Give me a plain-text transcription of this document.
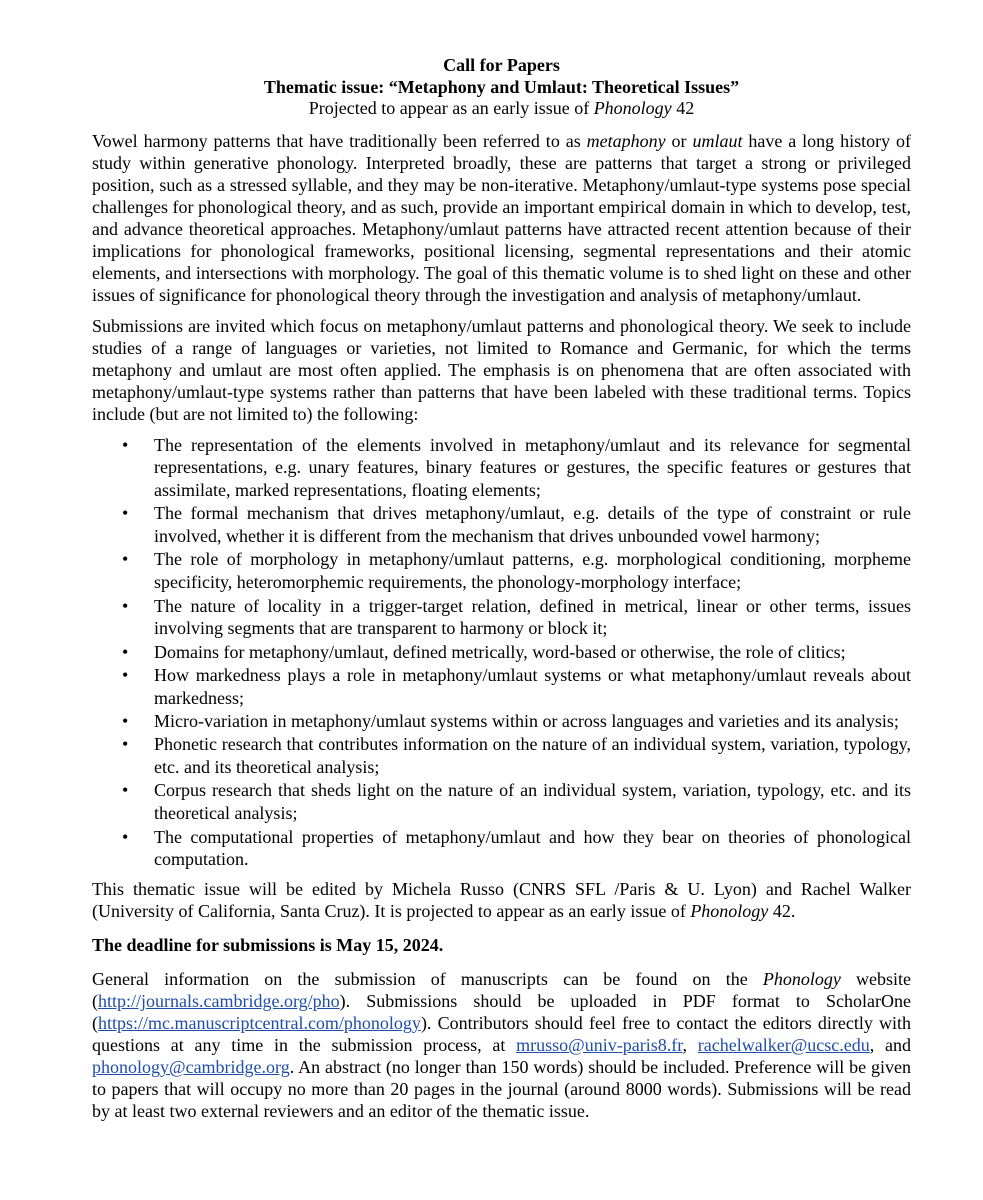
Call for Papers
Thematic issue: “Metaphony and Umlaut: Theoretical Issues”
Projected to appear as an early issue of Phonology 42

Vowel harmony patterns that have traditionally been referred to as metaphony or umlaut have a long history of study within generative phonology. Interpreted broadly, these are patterns that target a strong or privileged position, such as a stressed syllable, and they may be non-iterative. Metaphony/umlaut-type systems pose special challenges for phonological theory, and as such, provide an important empirical domain in which to develop, test, and advance theoretical approaches. Metaphony/umlaut patterns have attracted recent attention because of their implications for phonological frameworks, positional licensing, segmental representations and their atomic elements, and intersections with morphology. The goal of this thematic volume is to shed light on these and other issues of significance for phonological theory through the investigation and analysis of metaphony/umlaut.

Submissions are invited which focus on metaphony/umlaut patterns and phonological theory. We seek to include studies of a range of languages or varieties, not limited to Romance and Germanic, for which the terms metaphony and umlaut are most often applied. The emphasis is on phenomena that are often associated with metaphony/umlaut-type systems rather than patterns that have been labeled with these traditional terms. Topics include (but are not limited to) the following:

• The representation of the elements involved in metaphony/umlaut and its relevance for segmental representations, e.g. unary features, binary features or gestures, the specific features or gestures that assimilate, marked representations, floating elements;
• The formal mechanism that drives metaphony/umlaut, e.g. details of the type of constraint or rule involved, whether it is different from the mechanism that drives unbounded vowel harmony;
• The role of morphology in metaphony/umlaut patterns, e.g. morphological conditioning, morpheme specificity, heteromorphemic requirements, the phonology-morphology interface;
• The nature of locality in a trigger-target relation, defined in metrical, linear or other terms, issues involving segments that are transparent to harmony or block it;
• Domains for metaphony/umlaut, defined metrically, word-based or otherwise, the role of clitics;
• How markedness plays a role in metaphony/umlaut systems or what metaphony/umlaut reveals about markedness;
• Micro-variation in metaphony/umlaut systems within or across languages and varieties and its analysis;
• Phonetic research that contributes information on the nature of an individual system, variation, typology, etc. and its theoretical analysis;
• Corpus research that sheds light on the nature of an individual system, variation, typology, etc. and its theoretical analysis;
• The computational properties of metaphony/umlaut and how they bear on theories of phonological computation.

This thematic issue will be edited by Michela Russo (CNRS SFL /Paris & U. Lyon) and Rachel Walker (University of California, Santa Cruz). It is projected to appear as an early issue of Phonology 42.

The deadline for submissions is May 15, 2024.

General information on the submission of manuscripts can be found on the Phonology website (http://journals.cambridge.org/pho). Submissions should be uploaded in PDF format to ScholarOne (https://mc.manuscriptcentral.com/phonology). Contributors should feel free to contact the editors directly with questions at any time in the submission process, at mrusso@univ-paris8.fr, rachelwalker@ucsc.edu, and phonology@cambridge.org. An abstract (no longer than 150 words) should be included. Preference will be given to papers that will occupy no more than 20 pages in the journal (around 8000 words). Submissions will be read by at least two external reviewers and an editor of the thematic issue.
